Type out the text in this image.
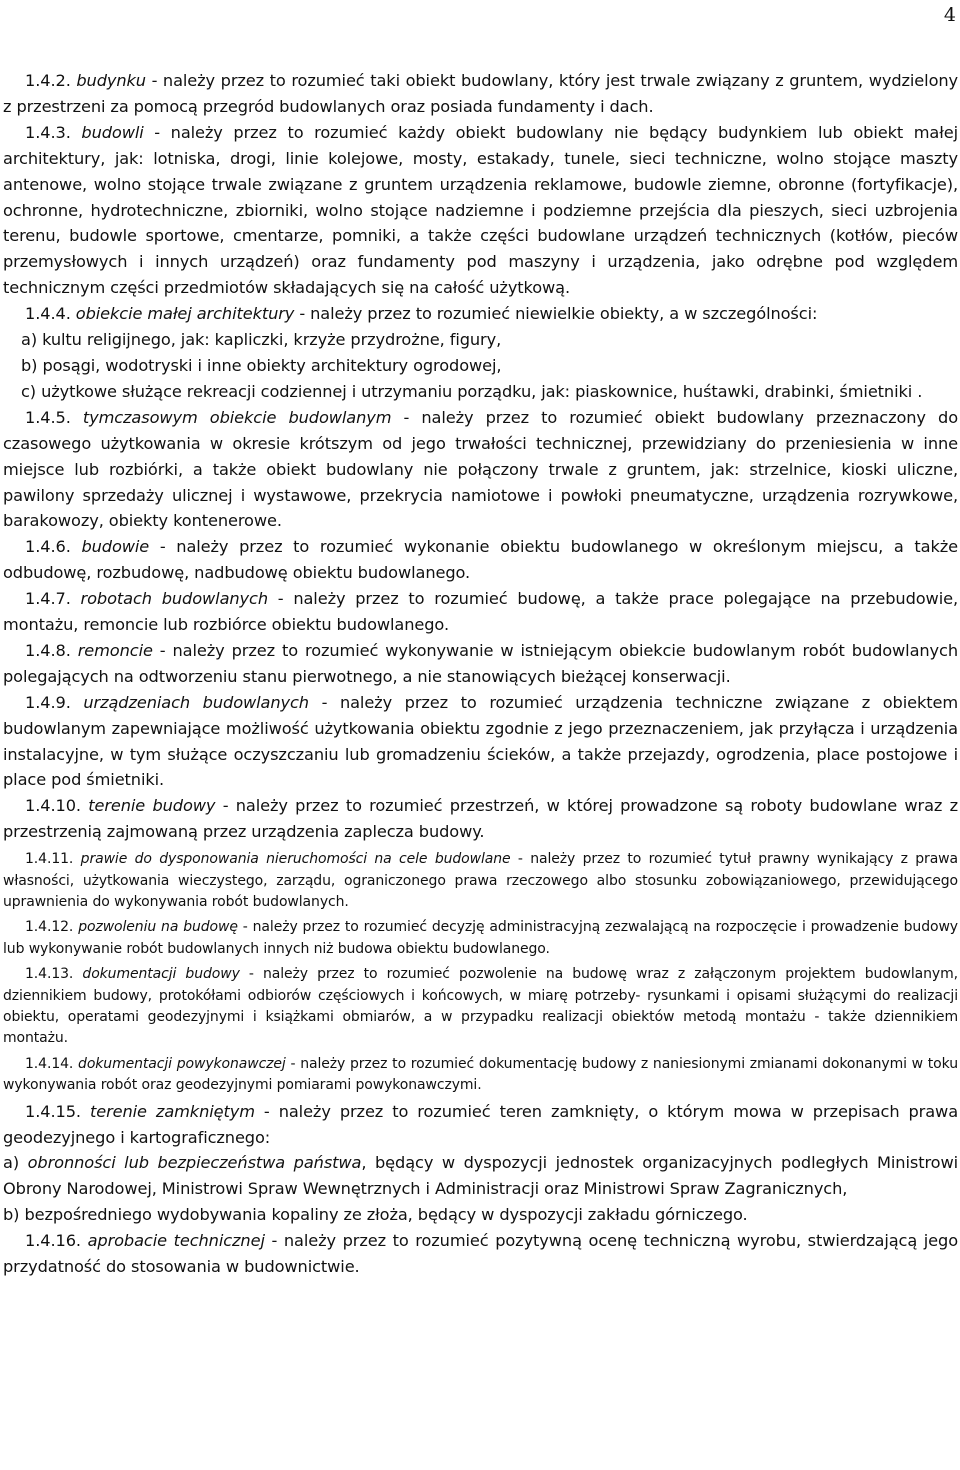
4

1.4.2. budynku - należy przez to rozumieć taki obiekt budowlany, który jest trwale związany z gruntem, wydzielony z przestrzeni za pomocą przegród budowlanych oraz posiada fundamenty i dach.

1.4.3. budowli - należy przez to rozumieć każdy obiekt budowlany nie będący budynkiem lub obiekt małej architektury, jak: lotniska, drogi, linie kolejowe, mosty, estakady, tunele, sieci techniczne, wolno stojące maszty antenowe, wolno stojące trwale związane z gruntem urządzenia reklamowe, budowle ziemne, obronne (fortyfikacje), ochronne, hydrotechniczne, zbiorniki, wolno stojące nadziemne i podziemne przejścia dla pieszych, sieci uzbrojenia terenu, budowle sportowe, cmentarze, pomniki, a także części budowlane urządzeń technicznych (kotłów, pieców przemysłowych i innych urządzeń) oraz fundamenty pod maszyny i urządzenia, jako odrębne pod względem technicznym części przedmiotów składających się na całość użytkową.

1.4.4. obiekcie małej architektury - należy przez to rozumieć niewielkie obiekty, a w szczególności:

a) kultu religijnego, jak: kapliczki, krzyże przydrożne, figury,

b) posągi, wodotryski i inne obiekty architektury ogrodowej,

c) użytkowe służące rekreacji codziennej i utrzymaniu porządku, jak: piaskownice, huśtawki, drabinki, śmietniki .

1.4.5. tymczasowym obiekcie budowlanym - należy przez to rozumieć obiekt budowlany przeznaczony do czasowego użytkowania w okresie krótszym od jego trwałości technicznej, przewidziany do przeniesienia w inne miejsce lub rozbiórki, a także obiekt budowlany nie połączony trwale z gruntem, jak: strzelnice, kioski uliczne, pawilony sprzedaży ulicznej i wystawowe, przekrycia namiotowe i powłoki pneumatyczne, urządzenia rozrywkowe, barakowozy, obiekty kontenerowe.

1.4.6. budowie - należy przez to rozumieć wykonanie obiektu budowlanego w określonym miejscu, a także odbudowę, rozbudowę, nadbudowę obiektu budowlanego.

1.4.7. robotach budowlanych - należy przez to rozumieć budowę, a także prace polegające na przebudowie, montażu, remoncie lub rozbiórce obiektu budowlanego.

1.4.8. remoncie - należy przez to rozumieć wykonywanie w istniejącym obiekcie budowlanym robót budowlanych polegających na odtworzeniu stanu pierwotnego, a nie stanowiących bieżącej konserwacji.

1.4.9. urządzeniach budowlanych - należy przez to rozumieć urządzenia techniczne związane z obiektem budowlanym zapewniające możliwość użytkowania obiektu zgodnie z jego przeznaczeniem, jak przyłącza i urządzenia instalacyjne, w tym służące oczyszczaniu lub gromadzeniu ścieków, a także przejazdy, ogrodzenia, place postojowe i place pod śmietniki.

1.4.10. terenie budowy - należy przez to rozumieć przestrzeń, w której prowadzone są roboty budowlane wraz z przestrzenią zajmowaną przez urządzenia zaplecza budowy.

1.4.11. prawie do dysponowania nieruchomości na cele budowlane - należy przez to rozumieć tytuł prawny wynikający z prawa własności, użytkowania wieczystego, zarządu, ograniczonego prawa rzeczowego albo stosunku zobowiązaniowego, przewidującego uprawnienia do wykonywania robót budowlanych.

1.4.12. pozwoleniu na budowę - należy przez to rozumieć decyzję administracyjną zezwalającą na rozpoczęcie i prowadzenie budowy lub wykonywanie robót budowlanych innych niż budowa obiektu budowlanego.

1.4.13. dokumentacji budowy - należy przez to rozumieć pozwolenie na budowę wraz z załączonym projektem budowlanym, dziennikiem budowy, protokółami odbiorów częściowych i końcowych, w miarę potrzeby- rysunkami i opisami służącymi do realizacji obiektu, operatami geodezyjnymi i książkami obmiarów, a w przypadku realizacji obiektów metodą montażu - także dziennikiem montażu.

1.4.14. dokumentacji powykonawczej - należy przez to rozumieć dokumentację budowy z naniesionymi zmianami dokonanymi w toku wykonywania robót oraz geodezyjnymi pomiarami powykonawczymi.

1.4.15. terenie zamkniętym - należy przez to rozumieć teren zamknięty, o którym mowa w przepisach prawa geodezyjnego i kartograficznego:

a) obronności lub bezpieczeństwa państwa, będący w dyspozycji jednostek organizacyjnych podległych Ministrowi Obrony Narodowej, Ministrowi Spraw Wewnętrznych i Administracji oraz Ministrowi Spraw Zagranicznych,

b) bezpośredniego wydobywania kopaliny ze złoża, będący w dyspozycji zakładu górniczego.

1.4.16. aprobacie technicznej - należy przez to rozumieć pozytywną ocenę techniczną wyrobu, stwierdzającą jego przydatność do stosowania w budownictwie.
